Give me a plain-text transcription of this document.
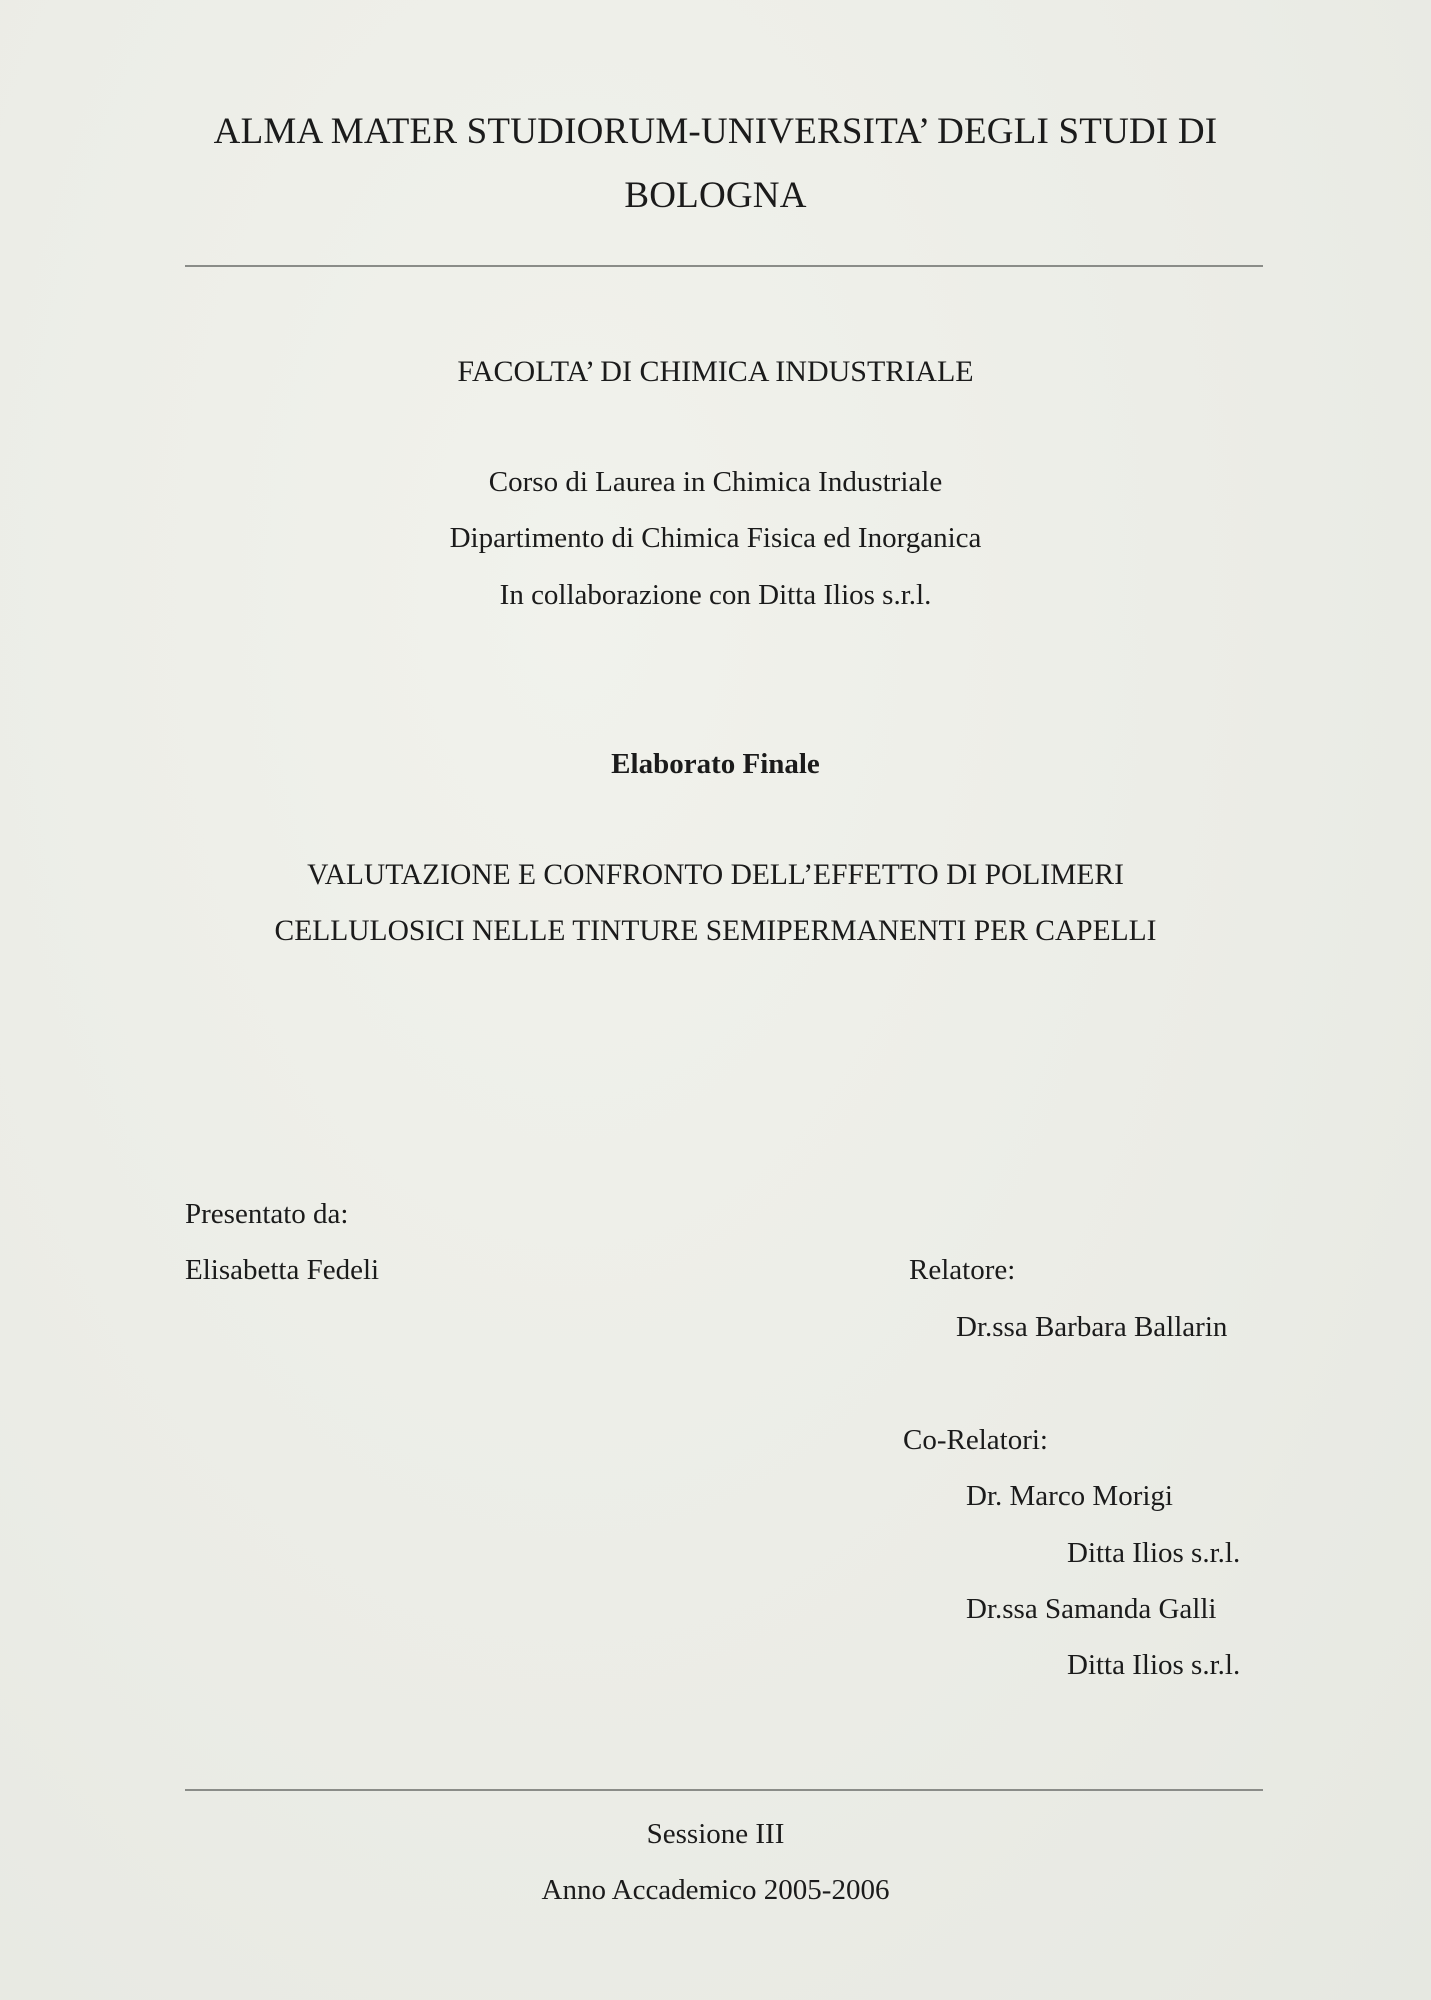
ALMA MATER STUDIORUM-UNIVERSITA’ DEGLI STUDI DI
BOLOGNA
FACOLTA’ DI CHIMICA INDUSTRIALE
Corso di Laurea in Chimica Industriale
Dipartimento di Chimica Fisica ed Inorganica
In collaborazione con Ditta Ilios s.r.l.
Elaborato Finale
VALUTAZIONE E CONFRONTO DELL’EFFETTO DI POLIMERI
CELLULOSICI NELLE TINTURE SEMIPERMANENTI PER CAPELLI
Presentato da:
Elisabetta Fedeli	Relatore:
Dr.ssa Barbara Ballarin
Co-Relatori:
Dr. Marco Morigi
Ditta Ilios s.r.l.
Dr.ssa Samanda Galli
Ditta Ilios s.r.l.
Sessione III
Anno Accademico 2005-2006
